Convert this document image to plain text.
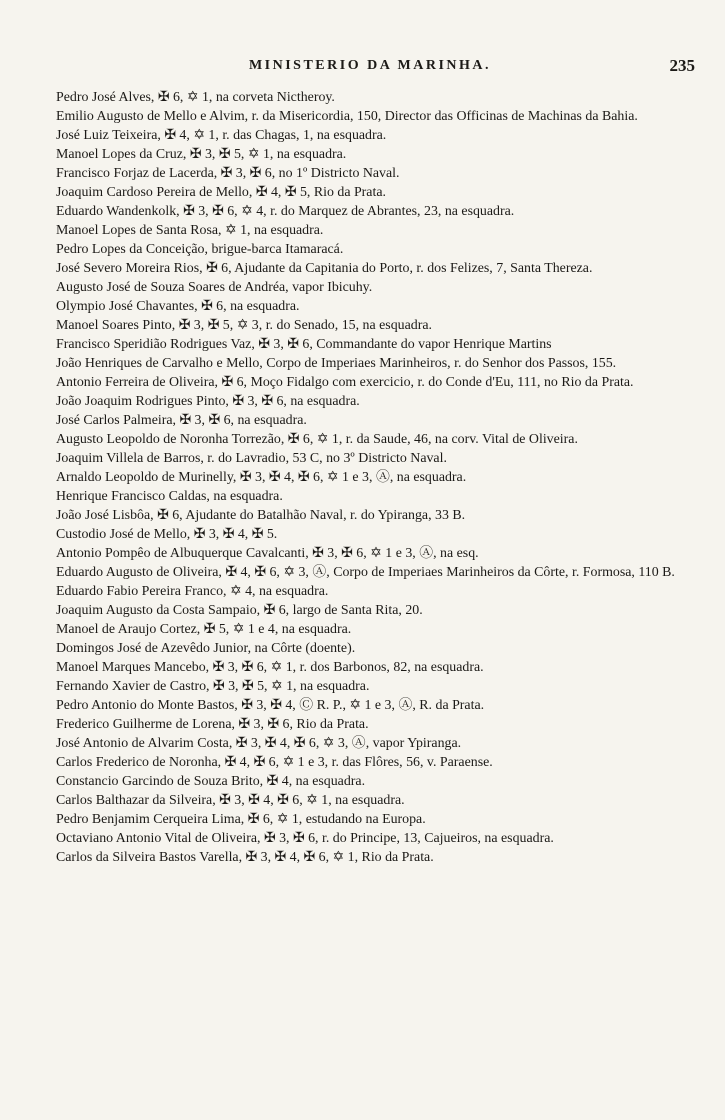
MINISTERIO DA MARINHA.	235

Pedro José Alves, ✠ 6, ✡ 1, na corveta Nictheroy.

Emilio Augusto de Mello e Alvim, r. da Misericordia, 150, Director das Officinas de Machinas da Bahia.

José Luiz Teixeira, ✠ 4, ✡ 1, r. das Chagas, 1, na esquadra.

Manoel Lopes da Cruz, ✠ 3, ✠ 5, ✡ 1, na esquadra.

Francisco Forjaz de Lacerda, ✠ 3, ✠ 6, no 1º Districto Naval.

Joaquim Cardoso Pereira de Mello, ✠ 4, ✠ 5, Rio da Prata.

Eduardo Wandenkolk, ✠ 3, ✠ 6, ✡ 4, r. do Marquez de Abrantes, 23, na esquadra.

Manoel Lopes de Santa Rosa, ✡ 1, na esquadra.

Pedro Lopes da Conceição, brigue-barca Itamaracá.

José Severo Moreira Rios, ✠ 6, Ajudante da Capitania do Porto, r. dos Felizes, 7, Santa Thereza.

Augusto José de Souza Soares de Andréa, vapor Ibicuhy.

Olympio José Chavantes, ✠ 6, na esquadra.

Manoel Soares Pinto, ✠ 3, ✠ 5, ✡ 3, r. do Senado, 15, na esquadra.

Francisco Speridião Rodrigues Vaz, ✠ 3, ✠ 6, Commandante do vapor Henrique Martins

João Henriques de Carvalho e Mello, Corpo de Imperiaes Marinheiros, r. do Senhor dos Passos, 155.

Antonio Ferreira de Oliveira, ✠ 6, Moço Fidalgo com exercicio, r. do Conde d'Eu, 111, no Rio da Prata.

João Joaquim Rodrigues Pinto, ✠ 3, ✠ 6, na esquadra.

José Carlos Palmeira, ✠ 3, ✠ 6, na esquadra.

Augusto Leopoldo de Noronha Torrezão, ✠ 6, ✡ 1, r. da Saude, 46, na corv. Vital de Oliveira.

Joaquim Villela de Barros, r. do Lavradio, 53 C, no 3º Districto Naval.

Arnaldo Leopoldo de Murinelly, ✠ 3, ✠ 4, ✠ 6, ✡ 1 e 3, Ⓐ, na esquadra.

Henrique Francisco Caldas, na esquadra.

João José Lisbôa, ✠ 6, Ajudante do Batalhão Naval, r. do Ypiranga, 33 B.

Custodio José de Mello, ✠ 3, ✠ 4, ✠ 5.

Antonio Pompêo de Albuquerque Cavalcanti, ✠ 3, ✠ 6, ✡ 1 e 3, Ⓐ, na esq.

Eduardo Augusto de Oliveira, ✠ 4, ✠ 6, ✡ 3, Ⓐ, Corpo de Imperiaes Marinheiros da Côrte, r. Formosa, 110 B.

Eduardo Fabio Pereira Franco, ✡ 4, na esquadra.

Joaquim Augusto da Costa Sampaio, ✠ 6, largo de Santa Rita, 20.

Manoel de Araujo Cortez, ✠ 5, ✡ 1 e 4, na esquadra.

Domingos José de Azevêdo Junior, na Côrte (doente).

Manoel Marques Mancebo, ✠ 3, ✠ 6, ✡ 1, r. dos Barbonos, 82, na esquadra.

Fernando Xavier de Castro, ✠ 3, ✠ 5, ✡ 1, na esquadra.

Pedro Antonio do Monte Bastos, ✠ 3, ✠ 4, Ⓒ R. P., ✡ 1 e 3, Ⓐ, R. da Prata.

Frederico Guilherme de Lorena, ✠ 3, ✠ 6, Rio da Prata.

José Antonio de Alvarim Costa, ✠ 3, ✠ 4, ✠ 6, ✡ 3, Ⓐ, vapor Ypiranga.

Carlos Frederico de Noronha, ✠ 4, ✠ 6, ✡ 1 e 3, r. das Flôres, 56, v. Paraense.

Constancio Garcindo de Souza Brito, ✠ 4, na esquadra.

Carlos Balthazar da Silveira, ✠ 3, ✠ 4, ✠ 6, ✡ 1, na esquadra.

Pedro Benjamim Cerqueira Lima, ✠ 6, ✡ 1, estudando na Europa.

Octaviano Antonio Vital de Oliveira, ✠ 3, ✠ 6, r. do Principe, 13, Cajueiros, na esquadra.

Carlos da Silveira Bastos Varella, ✠ 3, ✠ 4, ✠ 6, ✡ 1, Rio da Prata.
